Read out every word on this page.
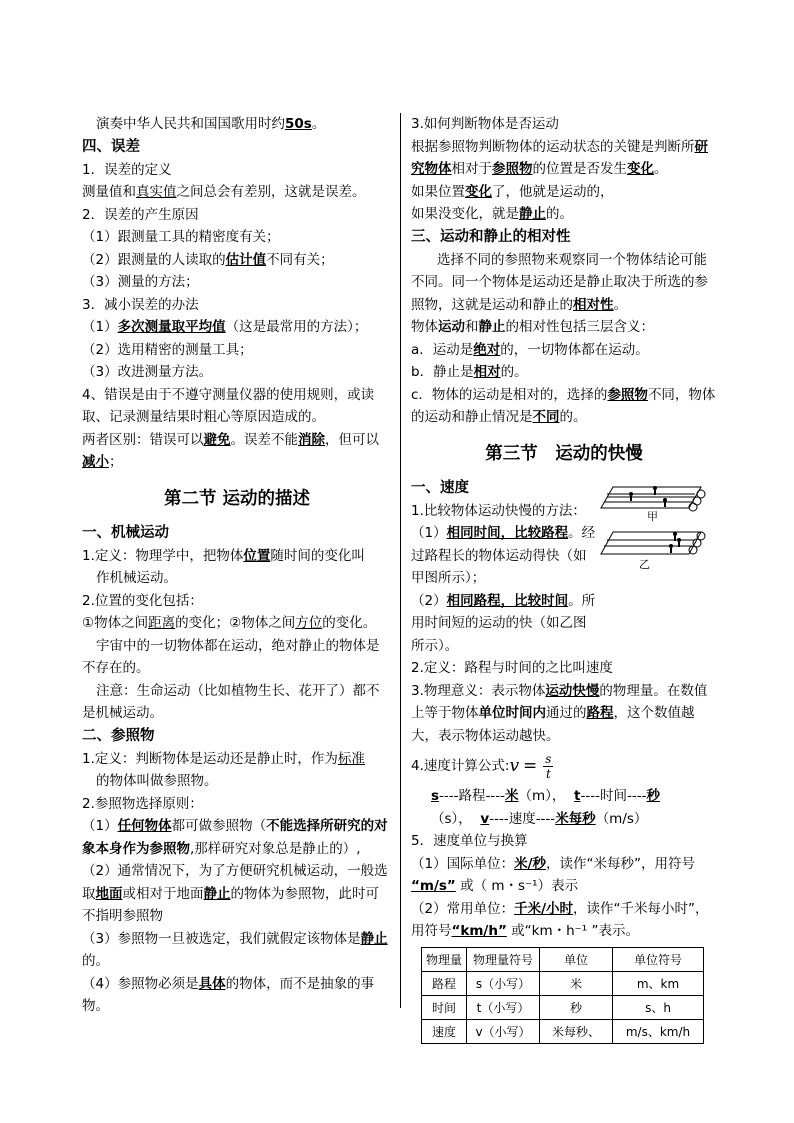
演奏中华人民共和国国歌用时约50s。

四、误差

1．误差的定义

测量值和真实值之间总会有差别，这就是误差。

2．误差的产生原因

（1）跟测量工具的精密度有关；

（2）跟测量的人读取的估计值不同有关；

（3）测量的方法；

3．减小误差的办法

（1）多次测量取平均值（这是最常用的方法）；

（2）选用精密的测量工具；

（3）改进测量方法。

4、错误是由于不遵守测量仪器的使用规则，或读取、记录测量结果时粗心等原因造成的。

两者区别：错误可以避免。误差不能消除，但可以减小；

第二节 运动的描述

一、机械运动

1.定义：物理学中，把物体位置随时间的变化叫

作机械运动。

2.位置的变化包括：

①物体之间距离的变化；②物体之间方位的变化。

宇宙中的一切物体都在运动，绝对静止的物体是不存在的。

注意：生命运动（比如植物生长、花开了）都不是机械运动。

二、参照物

1.定义：判断物体是运动还是静止时，作为标准

的物体叫做参照物。

2.参照物选择原则：

（1）任何物体都可做参照物（不能选择所研究的对象本身作为参照物,那样研究对象总是静止的）,

（2）通常情况下，为了方便研究机械运动，一般选取地面或相对于地面静止的物体为参照物，此时可不指明参照物

（3）参照物一旦被选定，我们就假定该物体是静止的。

（4）参照物必须是具体的物体，而不是抽象的事物。

3.如何判断物体是否运动

根据参照物判断物体的运动状态的关键是判断所研究物体相对于参照物的位置是否发生变化。

如果位置变化了，他就是运动的，

如果没变化，就是静止的。

三、运动和静止的相对性

选择不同的参照物来观察同一个物体结论可能不同。同一个物体是运动还是静止取决于所选的参照物，这就是运动和静止的相对性。

物体运动和静止的相对性包括三层含义：

a．运动是绝对的，一切物体都在运动。

b．静止是相对的。

c．物体的运动是相对的，选择的参照物不同，物体的运动和静止情况是不同的。

第三节　运动的快慢

一、速度

1.比较物体运动快慢的方法：

（1）相同时间，比较路程。经过路程长的物体运动得快（如甲图所示）；

（2）相同路程，比较时间。所用时间短的运动的快（如乙图所示）。

2.定义：路程与时间的之比叫速度

3.物理意义：表示物体运动快慢的物理量。在数值上等于物体单位时间内通过的路程，这个数值越大，表示物体运动越快。

4.速度计算公式: $v = \frac{s}{t}$

s----路程----米（m）， t----时间----秒

（s）， v----速度----米每秒（m/s）

5．速度单位与换算

（1）国际单位：米/秒，读作“米每秒”，用符号 “m/s” 或（ m・s⁻¹）表示

（2）常用单位：千米/小时，读作“千米每小时”，用符号“km/h” 或“km・h⁻¹ ”表示。

物理量	物理量符号	单位	单位符号
路程	s（小写）	米	m、km
时间	t（小写）	秒	s、h
速度	v（小写）	米每秒、	m/s、km/h
甲
乙
